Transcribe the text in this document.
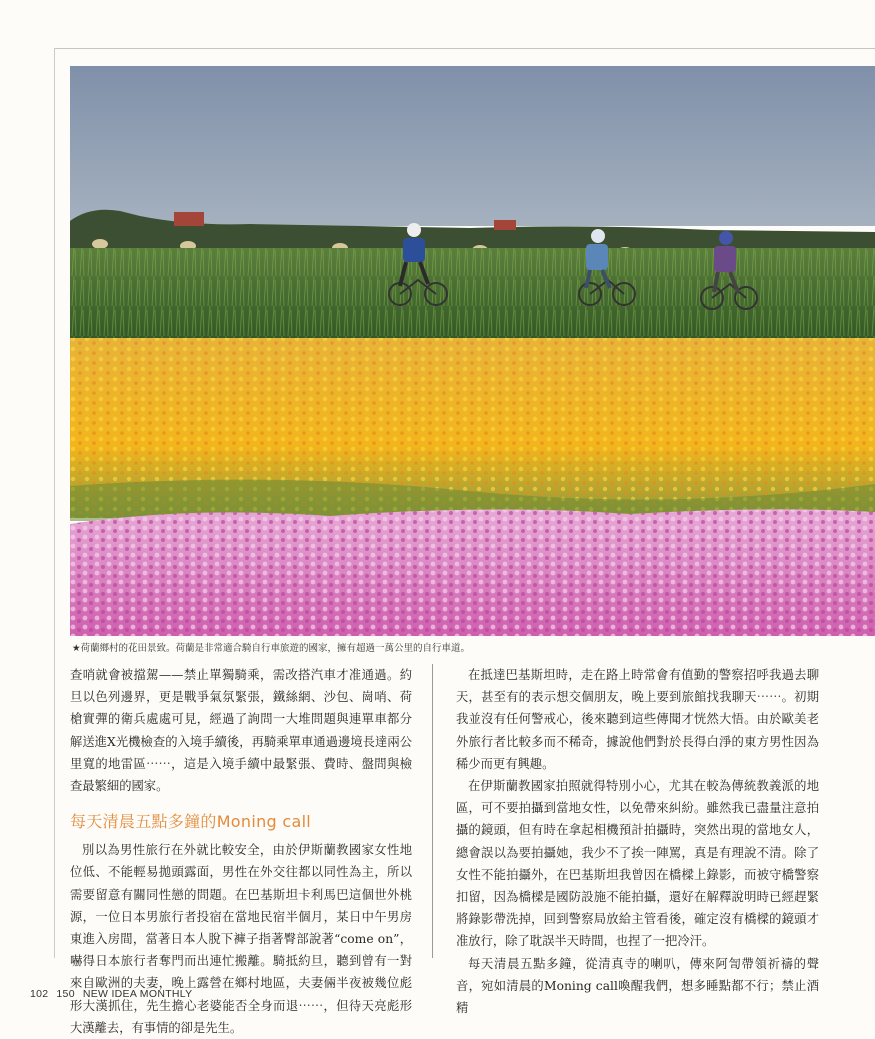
★荷蘭鄉村的花田景致。荷蘭是非常適合騎自行車旅遊的國家，擁有超過一萬公里的自行車道。

查哨就會被擋駕——禁止單獨騎乘，需改搭汽車才准通過。約旦以色列邊界，更是戰爭氣氛緊張，鐵絲網、沙包、崗哨、荷槍實彈的衛兵處處可見，經過了詢問一大堆問題與連單車都分解送進X光機檢查的入境手續後，再騎乘單車通過邊境長達兩公里寬的地雷區⋯⋯，這是入境手續中最緊張、費時、盤問與檢查最繁細的國家。

每天清晨五點多鐘的Moning call

別以為男性旅行在外就比較安全，由於伊斯蘭教國家女性地位低、不能輕易拋頭露面，男性在外交往都以同性為主，所以需要留意有關同性戀的問題。在巴基斯坦卡利馬巴這個世外桃源，一位日本男旅行者投宿在當地民宿半個月，某日中午男房東進入房間，當著日本人脫下褲子指著臀部說著“come on”，嚇得日本旅行者奪門而出連忙搬離。騎抵約旦，聽到曾有一對來自歐洲的夫妻，晚上露營在鄉村地區，夫妻倆半夜被幾位彪形大漢抓住，先生擔心老婆能否全身而退⋯⋯，但待天亮彪形大漢離去，有事情的卻是先生。

在抵達巴基斯坦時，走在路上時常會有值勤的警察招呼我過去聊天，甚至有的表示想交個朋友，晚上要到旅館找我聊天⋯⋯。初期我並沒有任何警戒心，後來聽到這些傳聞才恍然大悟。由於歐美老外旅行者比較多而不稀奇，據說他們對於長得白淨的東方男性因為稀少而更有興趣。

在伊斯蘭教國家拍照就得特別小心，尤其在較為傳統教義派的地區，可不要拍攝到當地女性，以免帶來糾紛。雖然我已盡量注意拍攝的鏡頭，但有時在拿起相機預計拍攝時，突然出現的當地女人，總會誤以為要拍攝她，我少不了挨一陣罵，真是有理說不清。除了女性不能拍攝外，在巴基斯坦我曾因在橋樑上錄影，而被守橋警察扣留，因為橋樑是國防設施不能拍攝，還好在解釋說明時已經趕緊將錄影帶洗掉，回到警察局放給主管看後，確定沒有橋樑的鏡頭才准放行，除了耽誤半天時間，也捏了一把冷汗。

每天清晨五點多鐘，從清真寺的喇叭，傳來阿訇帶領祈禱的聲音，宛如清晨的Moning call喚醒我們，想多睡點都不行；禁止酒精

102 150 NEW IDEA MONTHLY
